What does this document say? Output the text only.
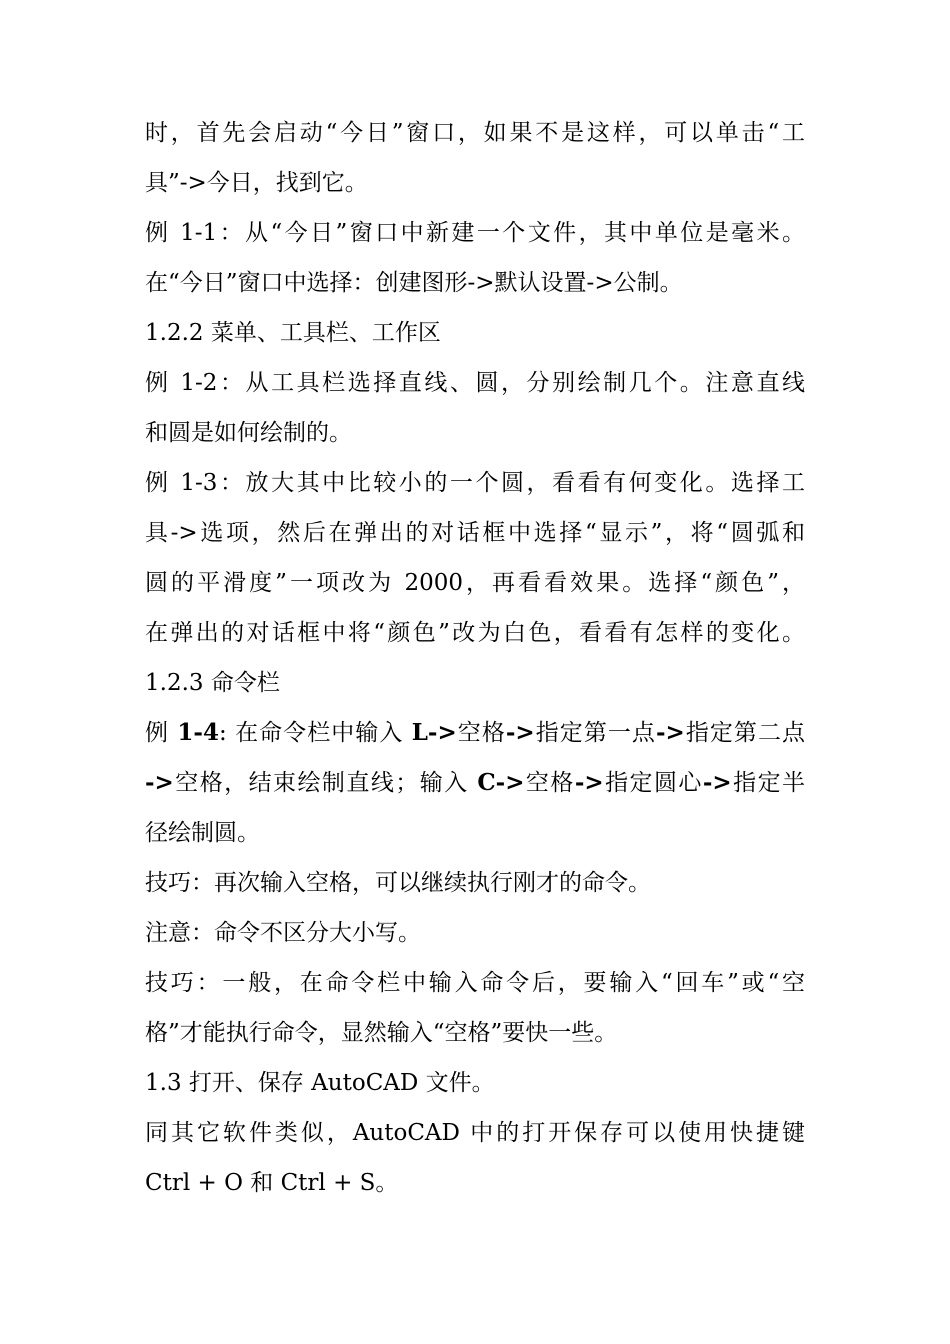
时，首先会启动“今日”窗口，如果不是这样，可以单击“工
具”->今日，找到它。
例 1-1：从“今日”窗口中新建一个文件，其中单位是毫米。
在“今日”窗口中选择：创建图形->默认设置->公制。
1.2.2 菜单、工具栏、工作区
例 1-2：从工具栏选择直线、圆，分别绘制几个。注意直线
和圆是如何绘制的。
例 1-3：放大其中比较小的一个圆，看看有何变化。选择工
具->选项，然后在弹出的对话框中选择“显示”，将“圆弧和
圆的平滑度”一项改为 2000，再看看效果。选择“颜色”，
在弹出的对话框中将“颜色”改为白色，看看有怎样的变化。
1.2.3 命令栏
例 1-4: 在命令栏中输入 L->空格->指定第一点->指定第二点
->空格，结束绘制直线；输入 C->空格->指定圆心->指定半
径绘制圆。
技巧：再次输入空格，可以继续执行刚才的命令。
注意：命令不区分大小写。
技巧：一般，在命令栏中输入命令后，要输入“回车”或“空
格”才能执行命令，显然输入“空格”要快一些。
1.3 打开、保存 AutoCAD 文件。
同其它软件类似，AutoCAD 中的打开保存可以使用快捷键
Ctrl + O 和 Ctrl + S。
